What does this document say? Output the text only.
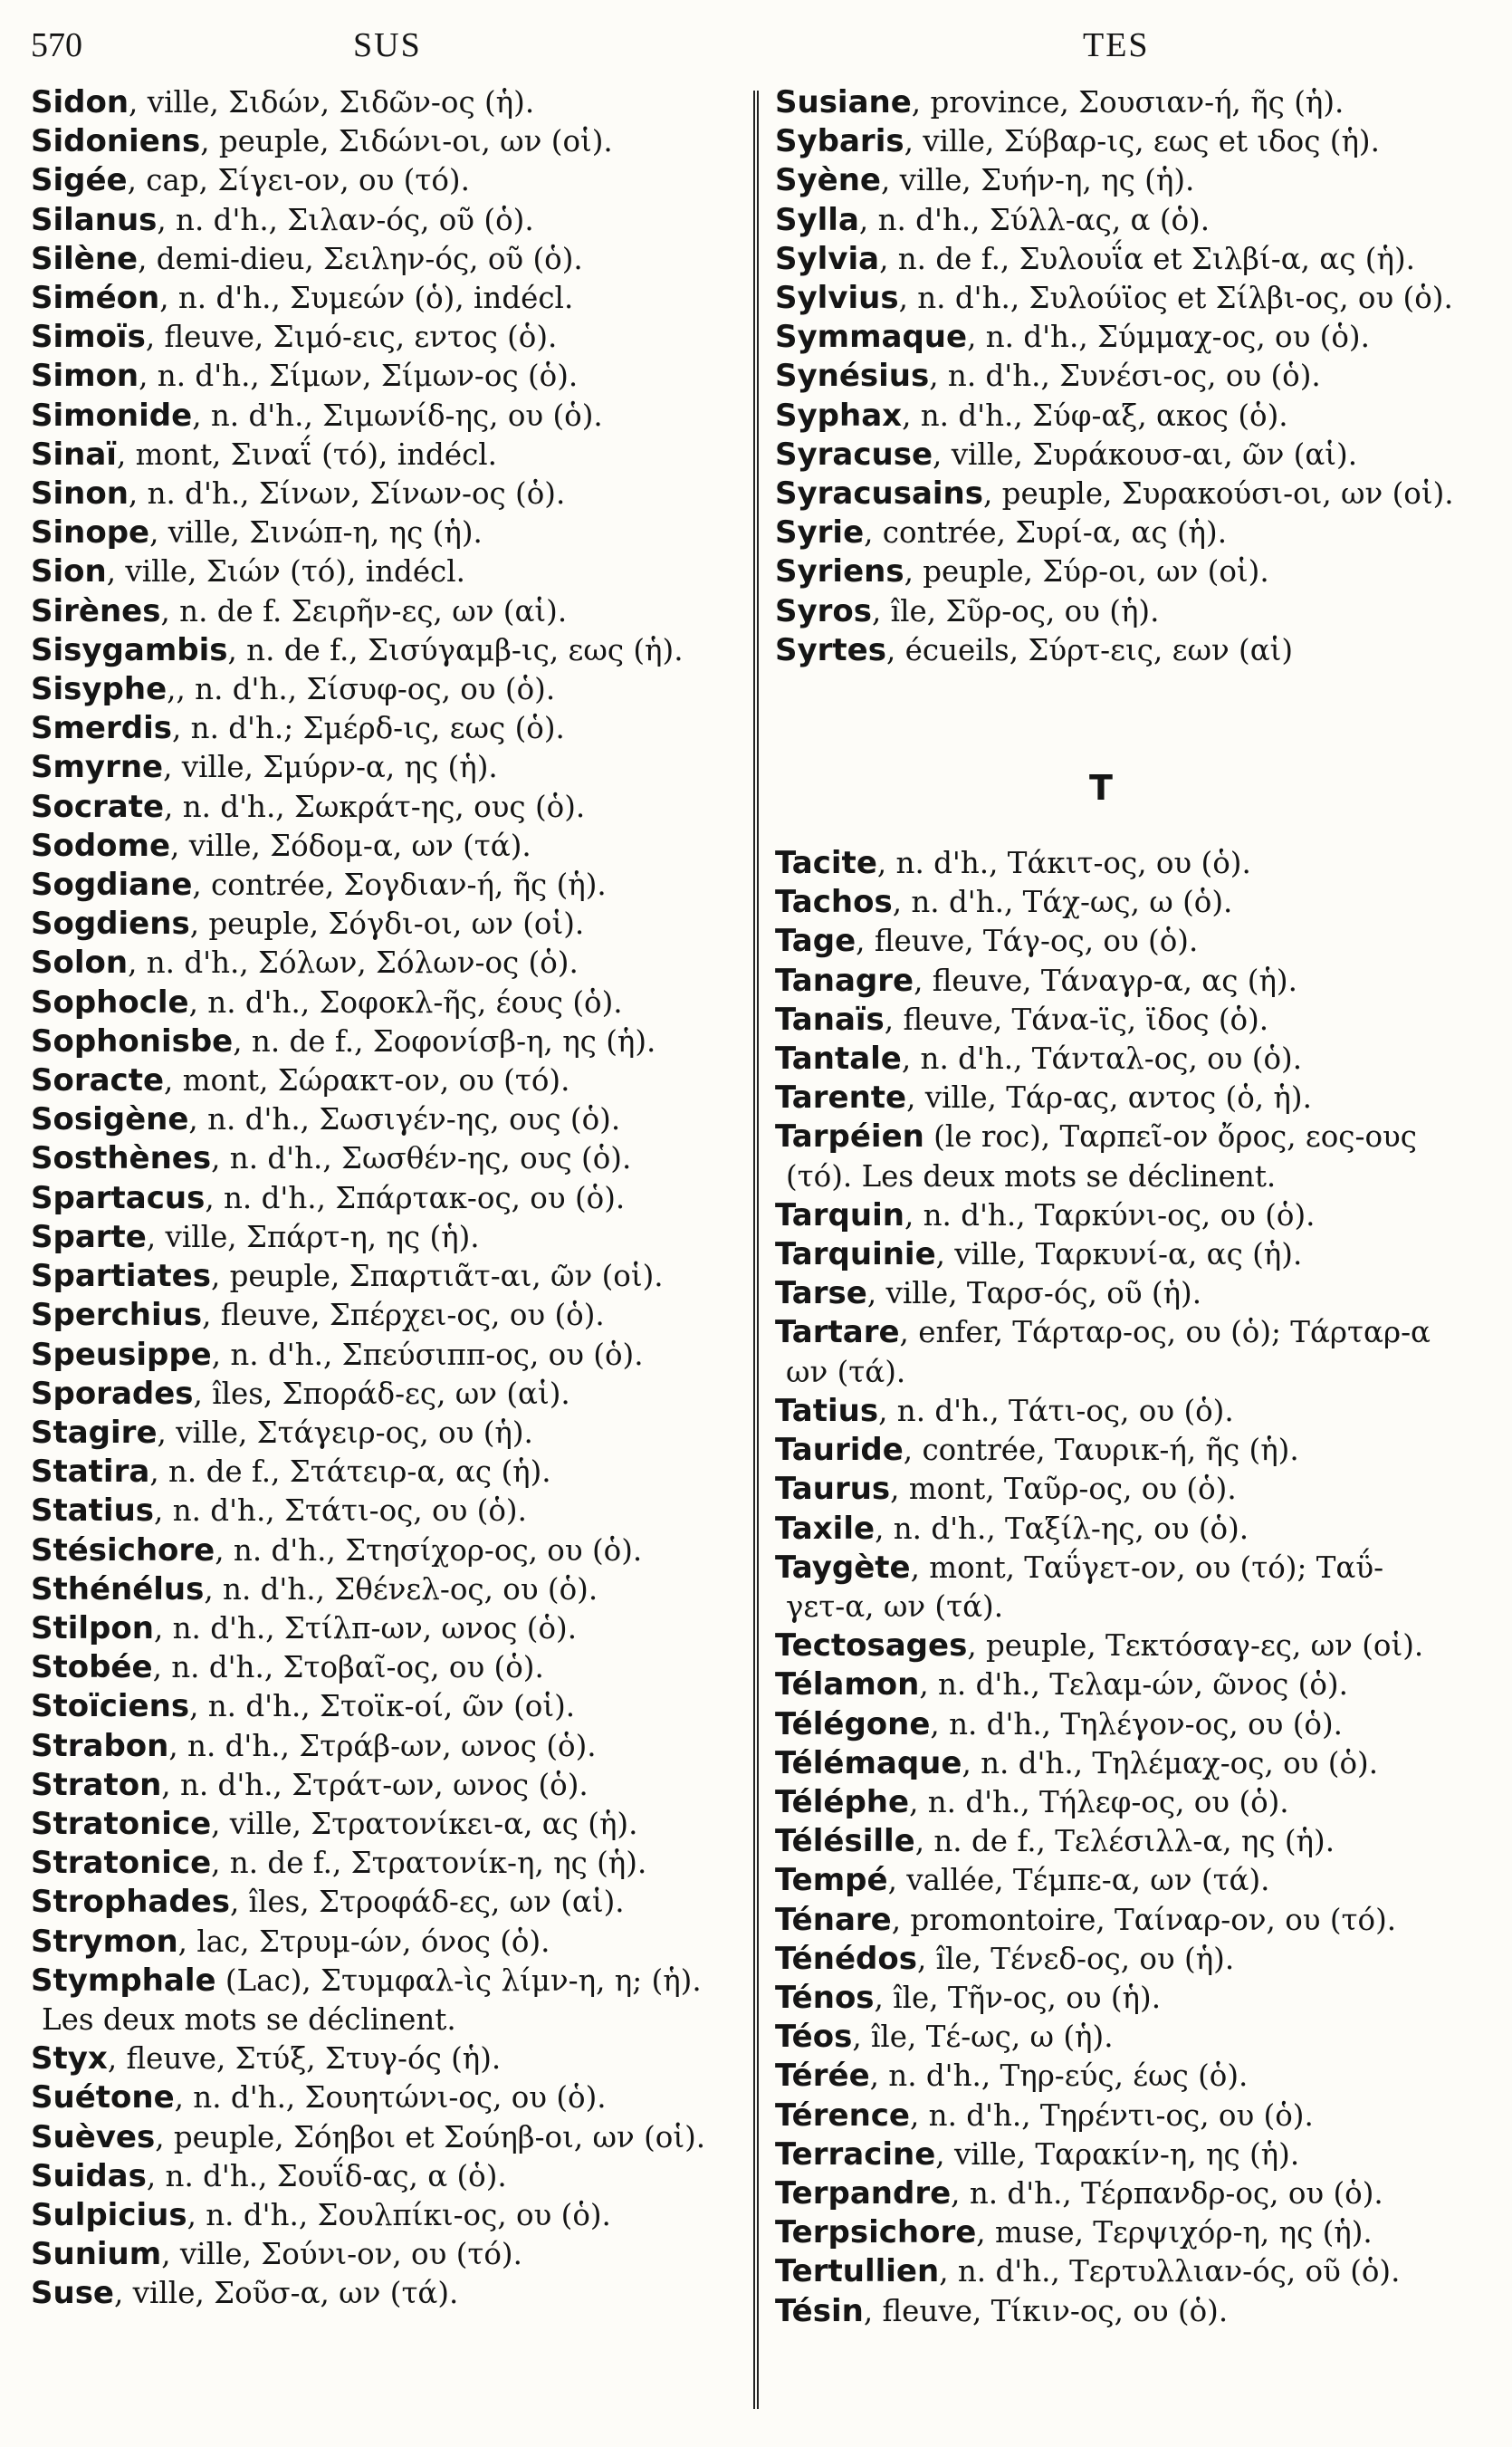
570	SUS	TES
Sidon, ville, Σιδών, Σιδῶν-ος (ἡ).
Sidoniens, peuple, Σιδώνι-οι, ων (οἱ).
Sigée, cap, Σίγει-ον, ου (τό).
Silanus, n. d'h., Σιλαν-ός, οῦ (ὁ).
Silène, demi-dieu, Σειλην-ός, οῦ (ὁ).
Siméon, n. d'h., Συμεών (ὁ), indécl.
Simoïs, fleuve, Σιμό-εις, εντος (ὁ).
Simon, n. d'h., Σίμων, Σίμων-ος (ὁ).
Simonide, n. d'h., Σιμωνίδ-ης, ου (ὁ).
Sinaï, mont, Σιναΐ (τό), indécl.
Sinon, n. d'h., Σίνων, Σίνων-ος (ὁ).
Sinope, ville, Σινώπ-η, ης (ἡ).
Sion, ville, Σιών (τό), indécl.
Sirènes, n. de f. Σειρῆν-ες, ων (αἱ).
Sisygambis, n. de f., Σισύγαμβ-ις, εως (ἡ).
Sisyphe,, n. d'h., Σίσυφ-ος, ου (ὁ).
Smerdis, n. d'h.; Σμέρδ-ις, εως (ὁ).
Smyrne, ville, Σμύρν-α, ης (ἡ).
Socrate, n. d'h., Σωκράτ-ης, ους (ὁ).
Sodome, ville, Σόδομ-α, ων (τά).
Sogdiane, contrée, Σογδιαν-ή, ῆς (ἡ).
Sogdiens, peuple, Σόγδι-οι, ων (οἱ).
Solon, n. d'h., Σόλων, Σόλων-ος (ὁ).
Sophocle, n. d'h., Σοφοκλ-ῆς, έους (ὁ).
Sophonisbe, n. de f., Σοφονίσβ-η, ης (ἡ).
Soracte, mont, Σώρακτ-ον, ου (τό).
Sosigène, n. d'h., Σωσιγέν-ης, ους (ὁ).
Sosthènes, n. d'h., Σωσθέν-ης, ους (ὁ).
Spartacus, n. d'h., Σπάρτακ-ος, ου (ὁ).
Sparte, ville, Σπάρτ-η, ης (ἡ).
Spartiates, peuple, Σπαρτιᾶτ-αι, ῶν (οἱ).
Sperchius, fleuve, Σπέρχει-ος, ου (ὁ).
Speusippe, n. d'h., Σπεύσιππ-ος, ου (ὁ).
Sporades, îles, Σποράδ-ες, ων (αἱ).
Stagire, ville, Στάγειρ-ος, ου (ἡ).
Statira, n. de f., Στάτειρ-α, ας (ἡ).
Statius, n. d'h., Στάτι-ος, ου (ὁ).
Stésichore, n. d'h., Στησίχορ-ος, ου (ὁ).
Sthénélus, n. d'h., Σθένελ-ος, ου (ὁ).
Stilpon, n. d'h., Στίλπ-ων, ωνος (ὁ).
Stobée, n. d'h., Στοβαῖ-ος, ου (ὁ).
Stoïciens, n. d'h., Στοϊκ-οί, ῶν (οἱ).
Strabon, n. d'h., Στράβ-ων, ωνος (ὁ).
Straton, n. d'h., Στράτ-ων, ωνος (ὁ).
Stratonice, ville, Στρατονίκει-α, ας (ἡ).
Stratonice, n. de f., Στρατονίκ-η, ης (ἡ).
Strophades, îles, Στροφάδ-ες, ων (αἱ).
Strymon, lac, Στρυμ-ών, όνος (ὁ).
Stymphale (Lac), Στυμφαλ-ὶς λίμν-η, η; (ἡ).
Les deux mots se déclinent.
Styx, fleuve, Στύξ, Στυγ-ός (ἡ).
Suétone, n. d'h., Σουητώνι-ος, ου (ὁ).
Suèves, peuple, Σόηβοι et Σούηβ-οι, ων (οἱ).
Suidas, n. d'h., Σουΐδ-ας, α (ὁ).
Sulpicius, n. d'h., Σουλπίκι-ος, ου (ὁ).
Sunium, ville, Σούνι-ον, ου (τό).
Suse, ville, Σοῦσ-α, ων (τά).
Susiane, province, Σουσιαν-ή, ῆς (ἡ).
Sybaris, ville, Σύβαρ-ις, εως et ιδος (ἡ).
Syène, ville, Συήν-η, ης (ἡ).
Sylla, n. d'h., Σύλλ-ας, α (ὁ).
Sylvia, n. de f., Συλουΐα et Σιλβί-α, ας (ἡ).
Sylvius, n. d'h., Συλούϊος et Σίλβι-ος, ου (ὁ).
Symmaque, n. d'h., Σύμμαχ-ος, ου (ὁ).
Synésius, n. d'h., Συνέσι-ος, ου (ὁ).
Syphax, n. d'h., Σύφ-αξ, ακος (ὁ).
Syracuse, ville, Συράκουσ-αι, ῶν (αἱ).
Syracusains, peuple, Συρακούσι-οι, ων (οἱ).
Syrie, contrée, Συρί-α, ας (ἡ).
Syriens, peuple, Σύρ-οι, ων (οἱ).
Syros, île, Σῦρ-ος, ου (ἡ).
Syrtes, écueils, Σύρτ-εις, εων (αἱ)
T
Tacite, n. d'h., Τάκιτ-ος, ου (ὁ).
Tachos, n. d'h., Τάχ-ως, ω (ὁ).
Tage, fleuve, Τάγ-ος, ου (ὁ).
Tanagre, fleuve, Τάναγρ-α, ας (ἡ).
Tanaïs, fleuve, Τάνα-ϊς, ϊδος (ὁ).
Tantale, n. d'h., Τάνταλ-ος, ου (ὁ).
Tarente, ville, Τάρ-ας, αντος (ὁ, ἡ).
Tarpéien (le roc), Ταρπεῖ-ον ὄρος, εος-ους
(τό). Les deux mots se déclinent.
Tarquin, n. d'h., Ταρκύνι-ος, ου (ὁ).
Tarquinie, ville, Ταρκυνί-α, ας (ἡ).
Tarse, ville, Ταρσ-ός, οῦ (ἡ).
Tartare, enfer, Τάρταρ-ος, ου (ὁ); Τάρταρ-α
ων (τά).
Tatius, n. d'h., Τάτι-ος, ου (ὁ).
Tauride, contrée, Ταυρικ-ή, ῆς (ἡ).
Taurus, mont, Ταῦρ-ος, ου (ὁ).
Taxile, n. d'h., Ταξίλ-ης, ου (ὁ).
Taygète, mont, Ταΰγετ-ον, ου (τό); Ταΰ-
γετ-α, ων (τά).
Tectosages, peuple, Τεκτόσαγ-ες, ων (οἱ).
Télamon, n. d'h., Τελαμ-ών, ῶνος (ὁ).
Télégone, n. d'h., Τηλέγον-ος, ου (ὁ).
Télémaque, n. d'h., Τηλέμαχ-ος, ου (ὁ).
Téléphe, n. d'h., Τήλεφ-ος, ου (ὁ).
Télésille, n. de f., Τελέσιλλ-α, ης (ἡ).
Tempé, vallée, Τέμπε-α, ων (τά).
Ténare, promontoire, Ταίναρ-ον, ου (τό).
Ténédos, île, Τένεδ-ος, ου (ἡ).
Ténos, île, Τῆν-ος, ου (ἡ).
Téos, île, Τέ-ως, ω (ἡ).
Térée, n. d'h., Τηρ-εύς, έως (ὁ).
Térence, n. d'h., Τηρέντι-ος, ου (ὁ).
Terracine, ville, Ταρακίν-η, ης (ἡ).
Terpandre, n. d'h., Τέρπανδρ-ος, ου (ὁ).
Terpsichore, muse, Τερψιχόρ-η, ης (ἡ).
Tertullien, n. d'h., Τερτυλλιαν-ός, οῦ (ὁ).
Tésin, fleuve, Τίκιν-ος, ου (ὁ).
